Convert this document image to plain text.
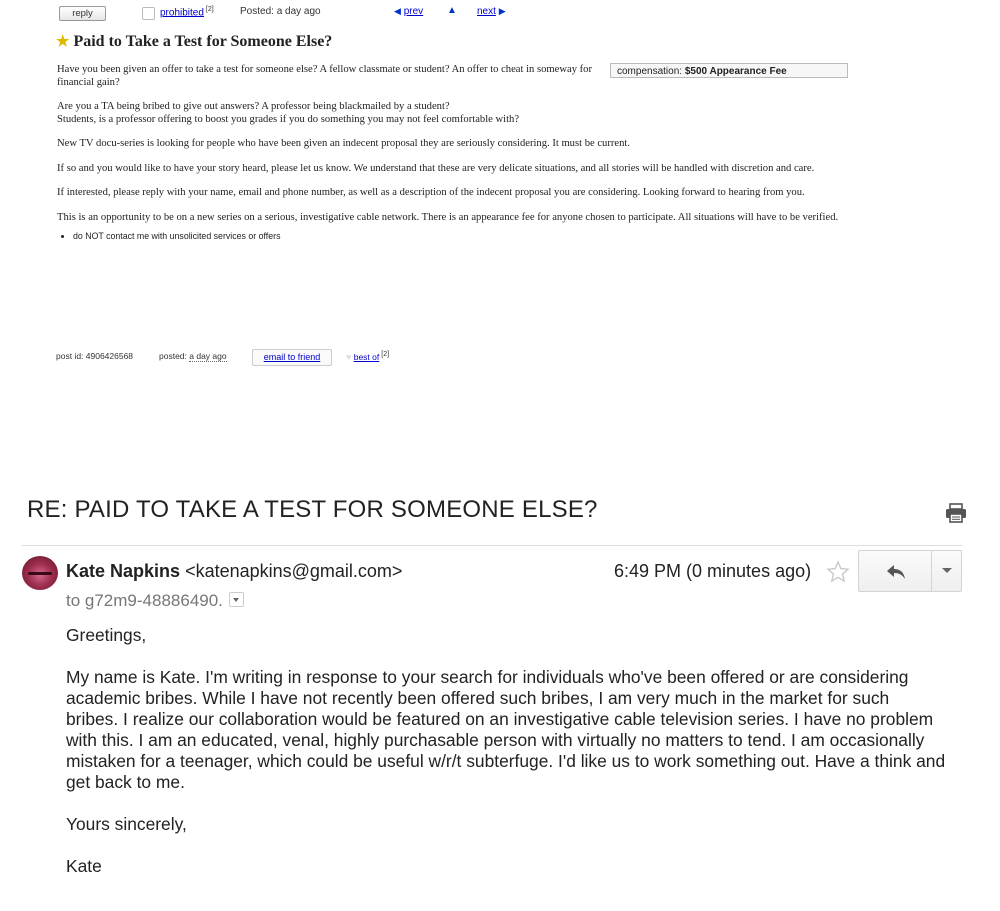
reply	prohibited [2]	Posted: a day ago	◀ prev ▲ next ▶
★ Paid to Take a Test for Someone Else?
compensation: $500 Appearance Fee

Have you been given an offer to take a test for someone else? A fellow classmate or student? An offer to cheat in someway for financial gain?

Are you a TA being bribed to give out answers? A professor being blackmailed by a student?
Students, is a professor offering to boost you grades if you do something you may not feel comfortable with?

New TV docu-series is looking for people who have been given an indecent proposal they are seriously considering. It must be current.

If so and you would like to have your story heard, please let us know. We understand that these are very delicate situations, and all stories will be handled with discretion and care.

If interested, please reply with your name, email and phone number, as well as a description of the indecent proposal you are considering. Looking forward to hearing from you.

This is an opportunity to be on a new series on a serious, investigative cable network. There is an appearance fee for anyone chosen to participate. All situations will have to be verified.

• do NOT contact me with unsolicited services or offers
post id: 4906426568	posted: a day ago	email to friend	♥ best of [2]
RE: PAID TO TAKE A TEST FOR SOMEONE ELSE?
Kate Napkins <katenapkins@gmail.com>
to g72m9-48886490.
6:49 PM (0 minutes ago)

Greetings,

My name is Kate. I'm writing in response to your search for individuals who've been offered or are considering academic bribes. While I have not recently been offered such bribes, I am very much in the market for such bribes. I realize our collaboration would be featured on an investigative cable television series. I have no problem with this. I am an educated, venal, highly purchasable person with virtually no matters to tend. I am occasionally mistaken for a teenager, which could be useful w/r/t subterfuge. I'd like us to work something out. Have a think and get back to me.

Yours sincerely,

Kate
